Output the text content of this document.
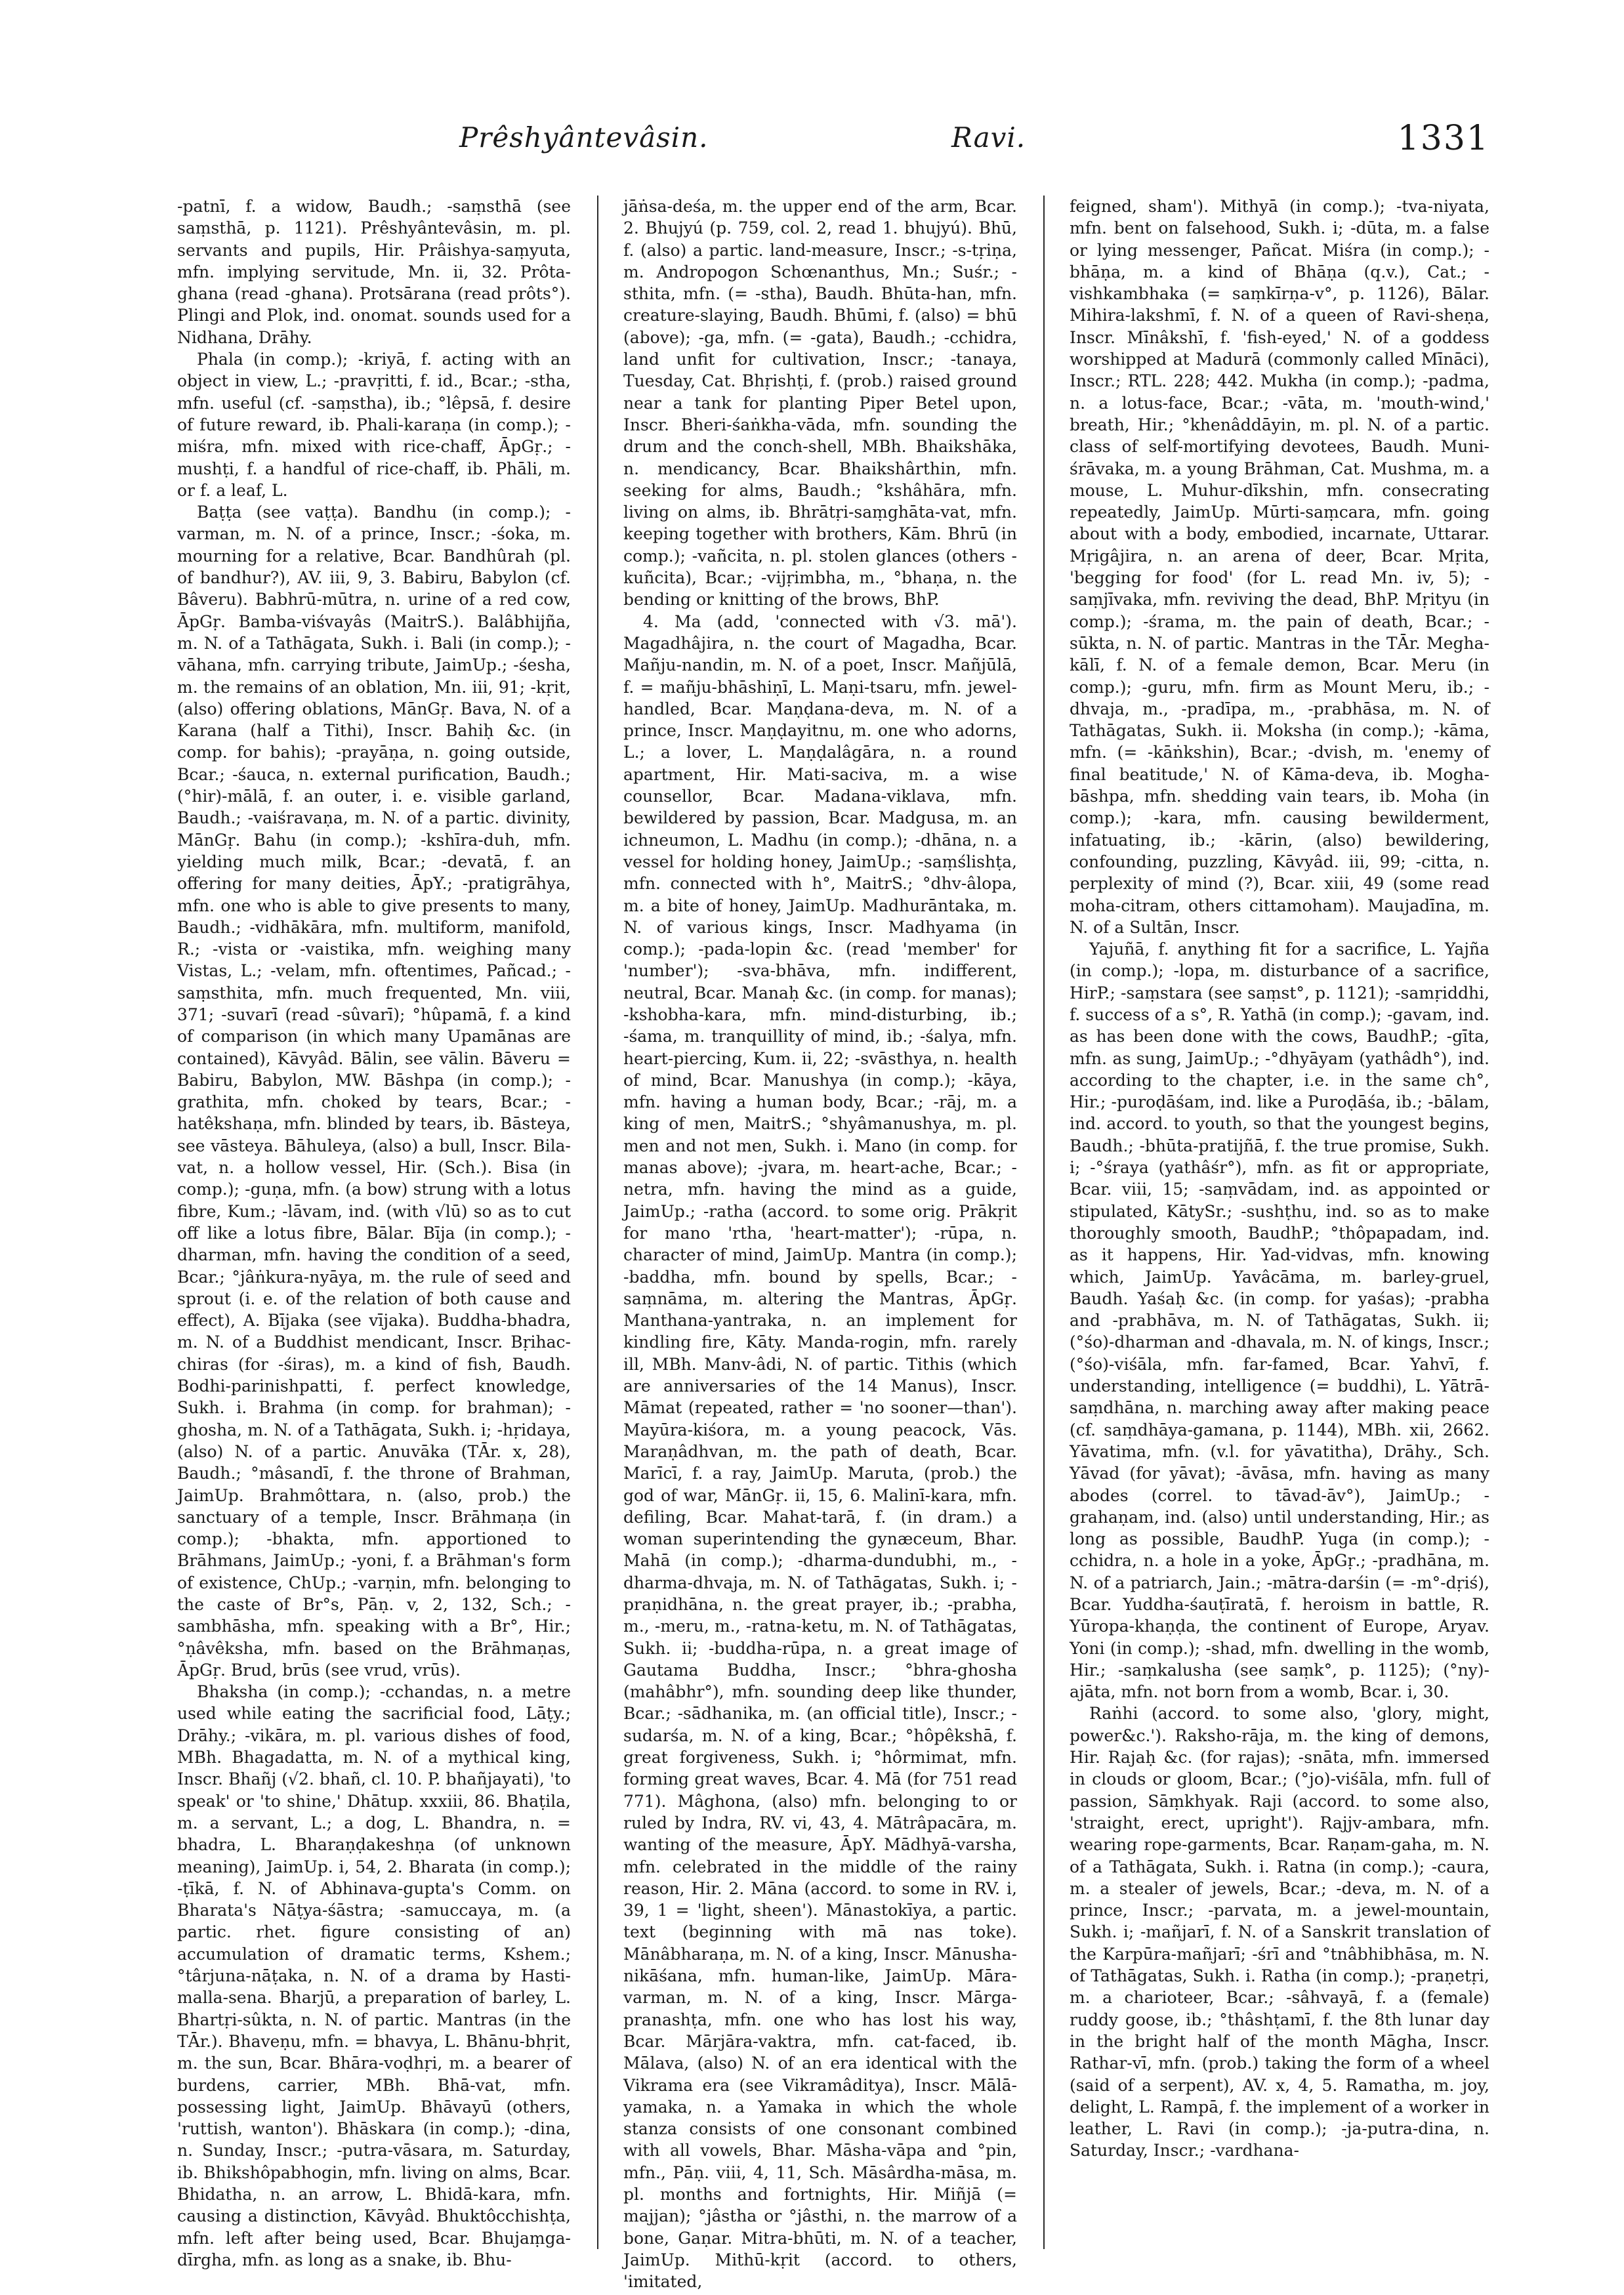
Prêshyântevâsin.	Ravi.	1331

-patnī, f. a widow, Baudh.; -saṃsthā (see saṃsthā, p. 1121). Prêshyântevâsin, m. pl. servants and pupils, Hir. Prâishya-saṃyuta, mfn. implying servitude, Mn. ii, 32. Prôta-ghana (read -ghana). Protsārana (read prôts°). Plingi and Plok, ind. onomat. sounds used for a Nidhana, Drāhy.

Phala (in comp.); -kriyā, f. acting with an object in view, L.; -pravṛitti, f. id., Bcar.; -stha, mfn. useful (cf. -saṃstha), ib.; °lêpsā, f. desire of future reward, ib. Phali-karaṇa (in comp.); -miśra, mfn. mixed with rice-chaff, ĀpGṛ.; -mushṭi, f. a handful of rice-chaff, ib. Phāli, m. or f. a leaf, L.

Baṭṭa (see vaṭṭa). Bandhu (in comp.); -varman, m. N. of a prince, Inscr.; -śoka, m. mourning for a relative, Bcar. Bandhûrah (pl. of bandhur?), AV. iii, 9, 3. Babiru, Babylon (cf. Bâveru). Babhrū-mūtra, n. urine of a red cow, ĀpGṛ. Bamba-viśvayâs (MaitrS.). Balâbhijña, m. N. of a Tathāgata, Sukh. i. Bali (in comp.); -vāhana, mfn. carrying tribute, JaimUp.; -śesha, m. the remains of an oblation, Mn. iii, 91; -kṛit, (also) offering oblations, MānGṛ. Bava, N. of a Karana (half a Tithi), Inscr. Bahiḥ &c. (in comp. for bahis); -prayāṇa, n. going outside, Bcar.; -śauca, n. external purification, Baudh.; (°hir)-mālā, f. an outer, i. e. visible garland, Baudh.; -vaiśravaṇa, m. N. of a partic. divinity, MānGṛ. Bahu (in comp.); -kshīra-duh, mfn. yielding much milk, Bcar.; -devatā, f. an offering for many deities, ĀpY.; -pratigrāhya, mfn. one who is able to give presents to many, Baudh.; -vidhākāra, mfn. multiform, manifold, R.; -vista or -vaistika, mfn. weighing many Vistas, L.; -velam, mfn. oftentimes, Pañcad.; -saṃsthita, mfn. much frequented, Mn. viii, 371; -suvarī (read -sûvarī); °hûpamā, f. a kind of comparison (in which many Upamānas are contained), Kāvyâd. Bālin, see vālin. Bāveru = Babiru, Babylon, MW. Bāshpa (in comp.); -grathita, mfn. choked by tears, Bcar.; -hatêkshaṇa, mfn. blinded by tears, ib. Bāsteya, see vāsteya. Bāhuleya, (also) a bull, Inscr. Bila-vat, n. a hollow vessel, Hir. (Sch.). Bisa (in comp.); -guṇa, mfn. (a bow) strung with a lotus fibre, Kum.; -lāvam, ind. (with √lū) so as to cut off like a lotus fibre, Bālar. Bīja (in comp.); -dharman, mfn. having the condition of a seed, Bcar.; °jâṅkura-nyāya, m. the rule of seed and sprout (i. e. of the relation of both cause and effect), A. Bījaka (see vījaka). Buddha-bhadra, m. N. of a Buddhist mendicant, Inscr. Bṛihac-chiras (for -śiras), m. a kind of fish, Baudh. Bodhi-parinishpatti, f. perfect knowledge, Sukh. i. Brahma (in comp. for brahman); -ghosha, m. N. of a Tathāgata, Sukh. i; -hṛidaya, (also) N. of a partic. Anuvāka (TĀr. x, 28), Baudh.; °mâsandī, f. the throne of Brahman, JaimUp. Brahmôttara, n. (also, prob.) the sanctuary of a temple, Inscr. Brāhmaṇa (in comp.); -bhakta, mfn. apportioned to Brāhmans, JaimUp.; -yoni, f. a Brāhman's form of existence, ChUp.; -varṇin, mfn. belonging to the caste of Br°s, Pāṇ. v, 2, 132, Sch.; -sambhāsha, mfn. speaking with a Br°, Hir.; °ṇâvêksha, mfn. based on the Brāhmaṇas, ĀpGṛ. Brud, brūs (see vrud, vrūs).

Bhaksha (in comp.); -cchandas, n. a metre used while eating the sacrificial food, Lāṭy.; Drāhy.; -vikāra, m. pl. various dishes of food, MBh. Bhagadatta, m. N. of a mythical king, Inscr. Bhañj (√2. bhañ, cl. 10. P. bhañjayati), 'to speak' or 'to shine,' Dhātup. xxxiii, 86. Bhaṭila, m. a servant, L.; a dog, L. Bhandra, n. = bhadra, L. Bharaṇḍakeshṇa (of unknown meaning), JaimUp. i, 54, 2. Bharata (in comp.); -ṭīkā, f. N. of Abhinava-gupta's Comm. on Bharata's Nāṭya-śāstra; -samuccaya, m. (a partic. rhet. figure consisting of an) accumulation of dramatic terms, Kshem.; °târjuna-nāṭaka, n. N. of a drama by Hasti-malla-sena. Bharjū, a preparation of barley, L. Bhartṛi-sûkta, n. N. of partic. Mantras (in the TĀr.). Bhaveṇu, mfn. = bhavya, L. Bhānu-bhṛit, m. the sun, Bcar. Bhāra-voḍhṛi, m. a bearer of burdens, carrier, MBh. Bhā-vat, mfn. possessing light, JaimUp. Bhāvayū (others, 'ruttish, wanton'). Bhāskara (in comp.); -dina, n. Sunday, Inscr.; -putra-vāsara, m. Saturday, ib. Bhikshôpabhogin, mfn. living on alms, Bcar. Bhidatha, n. an arrow, L. Bhidā-kara, mfn. causing a distinction, Kāvyâd. Bhuktôcchishṭa, mfn. left after being used, Bcar. Bhujaṃga-dīrgha, mfn. as long as a snake, ib. Bhu-

jāṅsa-deśa, m. the upper end of the arm, Bcar. 2. Bhujyú (p. 759, col. 2, read 1. bhujyú). Bhū, f. (also) a partic. land-measure, Inscr.; -s-tṛiṇa, m. Andropogon Schœnanthus, Mn.; Suśr.; -sthita, mfn. (= -stha), Baudh. Bhūta-han, mfn. creature-slaying, Baudh. Bhūmi, f. (also) = bhū (above); -ga, mfn. (= -gata), Baudh.; -cchidra, land unfit for cultivation, Inscr.; -tanaya, Tuesday, Cat. Bhṛishṭi, f. (prob.) raised ground near a tank for planting Piper Betel upon, Inscr. Bheri-śaṅkha-vāda, mfn. sounding the drum and the conch-shell, MBh. Bhaikshāka, n. mendicancy, Bcar. Bhaikshârthin, mfn. seeking for alms, Baudh.; °kshâhāra, mfn. living on alms, ib. Bhrātṛi-saṃghāta-vat, mfn. keeping together with brothers, Kām. Bhrū (in comp.); -vañcita, n. pl. stolen glances (others -kuñcita), Bcar.; -vijṛimbha, m., °bhaṇa, n. the bending or knitting of the brows, BhP.

4. Ma (add, 'connected with √3. mā'). Magadhâjira, n. the court of Magadha, Bcar. Mañju-nandin, m. N. of a poet, Inscr. Mañjūlā, f. = mañju-bhāshiṇī, L. Maṇi-tsaru, mfn. jewel-handled, Bcar. Maṇḍana-deva, m. N. of a prince, Inscr. Maṇḍayitnu, m. one who adorns, L.; a lover, L. Maṇḍalâgāra, n. a round apartment, Hir. Mati-saciva, m. a wise counsellor, Bcar. Madana-viklava, mfn. bewildered by passion, Bcar. Madgusa, m. an ichneumon, L. Madhu (in comp.); -dhāna, n. a vessel for holding honey, JaimUp.; -saṃślishṭa, mfn. connected with h°, MaitrS.; °dhv-âlopa, m. a bite of honey, JaimUp. Madhurāntaka, m. N. of various kings, Inscr. Madhyama (in comp.); -pada-lopin &c. (read 'member' for 'number'); -sva-bhāva, mfn. indifferent, neutral, Bcar. Manaḥ &c. (in comp. for manas); -kshobha-kara, mfn. mind-disturbing, ib.; -śama, m. tranquillity of mind, ib.; -śalya, mfn. heart-piercing, Kum. ii, 22; -svāsthya, n. health of mind, Bcar. Manushya (in comp.); -kāya, mfn. having a human body, Bcar.; -rāj, m. a king of men, MaitrS.; °shyâmanushya, m. pl. men and not men, Sukh. i. Mano (in comp. for manas above); -jvara, m. heart-ache, Bcar.; -netra, mfn. having the mind as a guide, JaimUp.; -ratha (accord. to some orig. Prākṛit for mano 'rtha, 'heart-matter'); -rūpa, n. character of mind, JaimUp. Mantra (in comp.); -baddha, mfn. bound by spells, Bcar.; -saṃnāma, m. altering the Mantras, ĀpGṛ. Manthana-yantraka, n. an implement for kindling fire, Kāty. Manda-rogin, mfn. rarely ill, MBh. Manv-âdi, N. of partic. Tithis (which are anniversaries of the 14 Manus), Inscr. Māmat (repeated, rather = 'no sooner—than'). Mayūra-kiśora, m. a young peacock, Vās. Maraṇâdhvan, m. the path of death, Bcar. Marīcī, f. a ray, JaimUp. Maruta, (prob.) the god of war, MānGṛ. ii, 15, 6. Malinī-kara, mfn. defiling, Bcar. Mahat-tarā, f. (in dram.) a woman superintending the gynæceum, Bhar. Mahā (in comp.); -dharma-dundubhi, m., -dharma-dhvaja, m. N. of Tathāgatas, Sukh. i; -praṇidhāna, n. the great prayer, ib.; -prabha, m., -meru, m., -ratna-ketu, m. N. of Tathāgatas, Sukh. ii; -buddha-rūpa, n. a great image of Gautama Buddha, Inscr.; °bhra-ghosha (mahâbhr°), mfn. sounding deep like thunder, Bcar.; -sādhanika, m. (an official title), Inscr.; -sudarśa, m. N. of a king, Bcar.; °hôpêkshā, f. great forgiveness, Sukh. i; °hôrmimat, mfn. forming great waves, Bcar. 4. Mā (for 751 read 771). Mâghona, (also) mfn. belonging to or ruled by Indra, RV. vi, 43, 4. Mātrâpacāra, m. wanting of the measure, ĀpY. Mādhyā-varsha, mfn. celebrated in the middle of the rainy reason, Hir. 2. Māna (accord. to some in RV. i, 39, 1 = 'light, sheen'). Mānastokīya, a partic. text (beginning with mā nas toke). Mānâbharaṇa, m. N. of a king, Inscr. Mānusha-nikāśana, mfn. human-like, JaimUp. Māra-varman, m. N. of a king, Inscr. Mārga-pranashṭa, mfn. one who has lost his way, Bcar. Mārjāra-vaktra, mfn. cat-faced, ib. Mālava, (also) N. of an era identical with the Vikrama era (see Vikramâditya), Inscr. Mālā-yamaka, n. a Yamaka in which the whole stanza consists of one consonant combined with all vowels, Bhar. Māsha-vāpa and °pin, mfn., Pāṇ. viii, 4, 11, Sch. Māsârdha-māsa, m. pl. months and fortnights, Hir. Miñjā (= majjan); °jâstha or °jâsthi, n. the marrow of a bone, Gaṇar. Mitra-bhūti, m. N. of a teacher, JaimUp. Mithū-kṛit (accord. to others, 'imitated,

feigned, sham'). Mithyā (in comp.); -tva-niyata, mfn. bent on falsehood, Sukh. i; -dūta, m. a false or lying messenger, Pañcat. Miśra (in comp.); -bhāṇa, m. a kind of Bhāṇa (q.v.), Cat.; -vishkambhaka (= saṃkīrṇa-v°, p. 1126), Bālar. Mihira-lakshmī, f. N. of a queen of Ravi-sheṇa, Inscr. Mīnâkshī, f. 'fish-eyed,' N. of a goddess worshipped at Madurā (commonly called Mīnāci), Inscr.; RTL. 228; 442. Mukha (in comp.); -padma, n. a lotus-face, Bcar.; -vāta, m. 'mouth-wind,' breath, Hir.; °khenâddāyin, m. pl. N. of a partic. class of self-mortifying devotees, Baudh. Muni-śrāvaka, m. a young Brāhman, Cat. Mushma, m. a mouse, L. Muhur-dīkshin, mfn. consecrating repeatedly, JaimUp. Mūrti-saṃcara, mfn. going about with a body, embodied, incarnate, Uttarar. Mṛigâjira, n. an arena of deer, Bcar. Mṛita, 'begging for food' (for L. read Mn. iv, 5); -saṃjīvaka, mfn. reviving the dead, BhP. Mṛityu (in comp.); -śrama, m. the pain of death, Bcar.; -sūkta, n. N. of partic. Mantras in the TĀr. Megha-kālī, f. N. of a female demon, Bcar. Meru (in comp.); -guru, mfn. firm as Mount Meru, ib.; -dhvaja, m., -pradīpa, m., -prabhāsa, m. N. of Tathāgatas, Sukh. ii. Moksha (in comp.); -kāma, mfn. (= -kāṅkshin), Bcar.; -dvish, m. 'enemy of final beatitude,' N. of Kāma-deva, ib. Mogha-bāshpa, mfn. shedding vain tears, ib. Moha (in comp.); -kara, mfn. causing bewilderment, infatuating, ib.; -kārin, (also) bewildering, confounding, puzzling, Kāvyâd. iii, 99; -citta, n. perplexity of mind (?), Bcar. xiii, 49 (some read moha-citram, others cittamoham). Maujadīna, m. N. of a Sultān, Inscr.

Yajuñā, f. anything fit for a sacrifice, L. Yajña (in comp.); -lopa, m. disturbance of a sacrifice, HirP.; -saṃstara (see saṃst°, p. 1121); -samṛiddhi, f. success of a s°, R. Yathā (in comp.); -gavam, ind. as has been done with the cows, BaudhP.; -gīta, mfn. as sung, JaimUp.; -°dhyāyam (yathâdh°), ind. according to the chapter, i.e. in the same ch°, Hir.; -puroḍāśam, ind. like a Puroḍāśa, ib.; -bālam, ind. accord. to youth, so that the youngest begins, Baudh.; -bhūta-pratijñā, f. the true promise, Sukh. i; -°śraya (yathâśr°), mfn. as fit or appropriate, Bcar. viii, 15; -saṃvādam, ind. as appointed or stipulated, KātySr.; -sushṭhu, ind. so as to make thoroughly smooth, BaudhP.; °thôpapadam, ind. as it happens, Hir. Yad-vidvas, mfn. knowing which, JaimUp. Yavâcāma, m. barley-gruel, Baudh. Yaśaḥ &c. (in comp. for yaśas); -prabha and -prabhāva, m. N. of Tathāgatas, Sukh. ii; (°śo)-dharman and -dhavala, m. N. of kings, Inscr.; (°śo)-viśāla, mfn. far-famed, Bcar. Yahvī, f. understanding, intelligence (= buddhi), L. Yātrā-saṃdhāna, n. marching away after making peace (cf. saṃdhāya-gamana, p. 1144), MBh. xii, 2662. Yāvatima, mfn. (v.l. for yāvatitha), Drāhy., Sch. Yāvad (for yāvat); -āvāsa, mfn. having as many abodes (correl. to tāvad-āv°), JaimUp.; -grahaṇam, ind. (also) until understanding, Hir.; as long as possible, BaudhP. Yuga (in comp.); -cchidra, n. a hole in a yoke, ĀpGṛ.; -pradhāna, m. N. of a patriarch, Jain.; -mātra-darśin (= -m°-dṛiś), Bcar. Yuddha-śauṭīratā, f. heroism in battle, R. Yūropa-khaṇḍa, the continent of Europe, Aryav. Yoni (in comp.); -shad, mfn. dwelling in the womb, Hir.; -saṃkalusha (see saṃk°, p. 1125); (°ny)-ajāta, mfn. not born from a womb, Bcar. i, 30.

Raṅhi (accord. to some also, 'glory, might, power&c.'). Raksho-rāja, m. the king of demons, Hir. Rajaḥ &c. (for rajas); -snāta, mfn. immersed in clouds or gloom, Bcar.; (°jo)-viśāla, mfn. full of passion, Sāṃkhyak. Raji (accord. to some also, 'straight, erect, upright'). Rajjv-ambara, mfn. wearing rope-garments, Bcar. Raṇam-gaha, m. N. of a Tathāgata, Sukh. i. Ratna (in comp.); -caura, m. a stealer of jewels, Bcar.; -deva, m. N. of a prince, Inscr.; -parvata, m. a jewel-mountain, Sukh. i; -mañjarī, f. N. of a Sanskrit translation of the Karpūra-mañjarī; -śrī and °tnâbhibhāsa, m. N. of Tathāgatas, Sukh. i. Ratha (in comp.); -praṇetṛi, m. a charioteer, Bcar.; -sâhvayā, f. a (female) ruddy goose, ib.; °thâshṭamī, f. the 8th lunar day in the bright half of the month Māgha, Inscr. Rathar-vī, mfn. (prob.) taking the form of a wheel (said of a serpent), AV. x, 4, 5. Ramatha, m. joy, delight, L. Rampā, f. the implement of a worker in leather, L. Ravi (in comp.); -ja-putra-dina, n. Saturday, Inscr.; -vardhana-
